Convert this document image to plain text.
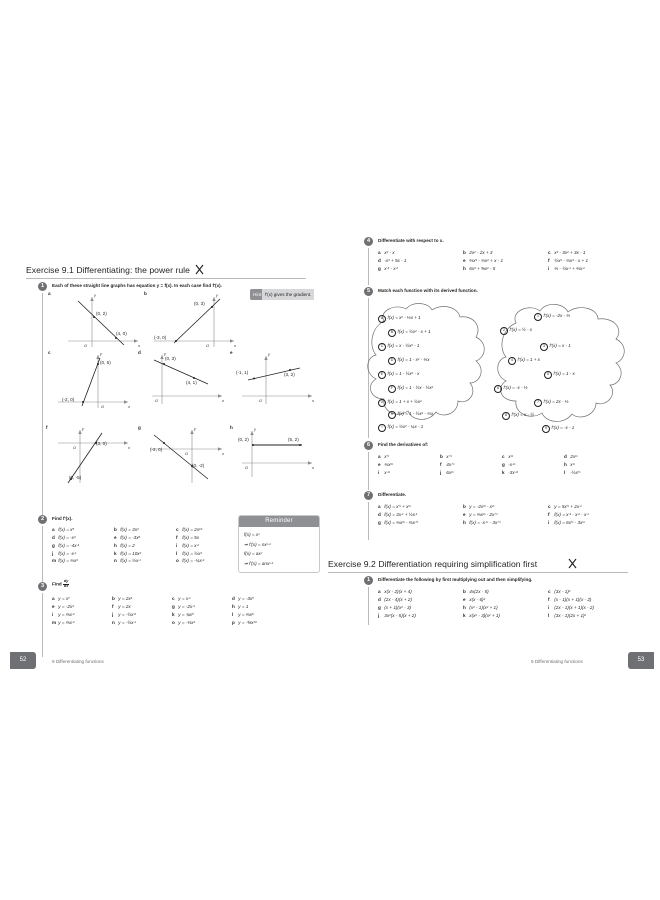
Exercise 9.1 Differentiating: the power rule
1	Each of these straight line graphs has equation y = f(x). In each case find f'(x).
Hint f'(x) gives the gradient.
y
x
O
a
(0, 2)
(4, 0)
y
x
O
b
(0, 3)
(-3, 0)
y
x
O
c
(0, 6)
(-2, 0)
y
x
O
d
(0, 3)
(4, 1)
y
x
O
e
(-1, 1)	(3, 2)
y
x
O
f
(3, 0)
(0, -5)
y
x
O
g
(-2, 0)
(0, -2)
y
x
O
h
(0, 2)	(5, 2)
2	Find f'(x).
a $f(x) = x^5$	b $f(x) = 3x^4$	c $f(x) = 2x^{10}$
d $f(x) = -x^4$	e $f(x) = -3x^6$	f f(x) = 5x
g $f(x) = -4x^{-3}$	h f(x) = 2	i $f(x) = x^{-2}$
j $f(x) = -x^{-1}$	k $f(x) = 10x^2$	l $f(x) = \frac{1}{2}x^4$
m $f(x) = \frac{1}{3}x^3$	n $f(x) = \frac{1}{2}x^{-1}$	o $f(x) = -\frac{1}{4}x^{-4}$
Reminder
$f(x) = x^n$
⇒ $f'(x) = nx^{n-1}$
$f(x) = ax^n$
⇒ f'(x) = anx$^{n-1}$
3	Find $\frac{dy}{dx}$
a $y = x^7$	b $y = 2x^4$	c $y = x^{-1}$	d $y = -3x^5$
e $y = -2x^3$	f y = 2x	g $y = -2x^{-4}$	h y = 1
i $y = \frac{2}{3}x^{-3}$	j $y = -\frac{1}{2}x^{-6}$	k $y = \frac{3}{4}x^5$	l $y = \frac{2}{3}x^6$
m $y = \frac{2}{3}x^{-3}$	n $y = -\frac{1}{2}x^{-1}$	o $y = -\frac{1}{3}x^4$	p $y = -\frac{5}{8}x^{10}$
9 Differentiating functions
52
4	Differentiate with respect to x.
a $x^2$ - x	b $2x^2 - 2x + 3$	c $x^3 - 3x^2 + 3x - 1$
d $-x^4 + 5x - 1$	e $\frac{2}{3}x^3$ - $\frac{1}{3}x^2 + x - 1$	f $\frac{1}{2}x^4$ - $\frac{1}{3}x^3 - x + 1$
g $x^{-3} - x^{-2}$	h $6x^3$ + $\frac{5}{8}x^2 - 5$	i ⅓ - $\frac{1}{2}x^{-1}$ + $\frac{2}{3}x^{-2}$
5	Match each function with its derived function.
A $f(x) = x^2$ - ⅓x + 1
B $f(x) = \frac{1}{2}x^2 - x + 1$
C $f(x) = x - \frac{1}{2}x^2 - 1$
D $f(x) = 1 - x^2$ - ⅓x
E $f(x) = 1 - \frac{1}{2}x^2 - x$
F f(x) = 1 - ½x - $\frac{1}{2}x^2$
G $f(x) = 1 + x + \frac{1}{2}x^2$
H $f(x) = 1 - \frac{1}{2}x^2$ - ⅓x
I $f(x) = \frac{1}{2}x^2$ - ¼x - 1
1 f'(x) = -2x - ⅓
2 f'(x) = ½ - x
3 f'(x) = x - 1
4 f'(x) = 1 + x
5 f'(x) = 1 - x
6 f'(x) = -x - ⅓
7 f'(x) = 2x - ⅓
8 f'(x) = x - ½
9 f'(x) = -x - 1
6	Find the derivatives of:
a $x^{\frac{1}{2}}$	b $x^{-\frac{1}{2}}$	c $x^{\frac{1}{3}}$	d $2x^{\frac{1}{3}}$
e $\frac{1}{3}x^{\frac{2}{3}}$	f $4x^{-\frac{1}{2}}$	g $-x^{-\frac{1}{3}}$	h $x^{\frac{3}{4}}$
i $x^{-\frac{1}{3}}$	j $6x^{\frac{2}{3}}$	k $-3x^{-\frac{2}{3}}$	l $-\frac{1}{2}x^{\frac{1}{2}}$
7	Differentiate.
a $f(x) = x^{\frac{1}{2}} + x^{\frac{1}{3}}$	b $y = -2x^{\frac{2}{3}} - x^{\frac{1}{3}}$	c $y = 5x^{\frac{1}{2}} + 2x^{-1}$
d $f(x) = 3x^{-1}$ + $\frac{1}{2}x^{-1}$	e $y = \frac{2}{3}x^{\frac{2}{3}} - 2x^{-\frac{1}{2}}$	f $f(x) = x^{-3} - x^{-2} - x^{-1}$
g $f(x) = \frac{1}{3}x^{\frac{2}{3}}$ - $\frac{2}{3}x^{-\frac{1}{2}}$	h $f(x) = -x^{-\frac{3}{4}} - 3x^{-\frac{1}{2}}$	i $f(x) = 6x^{\frac{1}{2}} - 3x^{\frac{1}{3}}$
Exercise 9.2 Differentiation requiring simplification first
1	Differentiate the following by first multiplying out and then simplifying.
a x(x - 2)(x + 4)	b 4x(2x - 5)	c (3x - 1)$^2$
d (2x - 4)(x + 2)	e x(x - 6)$^2$	f (x - 1)(x + 1)(x - 2)
g $(x + 1)(x^2 - 3)$	h $(x^2 - 1)(x^2 + 1)$	i (2x - 1)(x + 1)(x - 2)
j $3x^2(x - 5)(x + 2)$	k $x(x^2 - 3)(x^2 + 1)$	l $(3x - 1)(2x + 1)^2$
9 Differentiating functions	53
